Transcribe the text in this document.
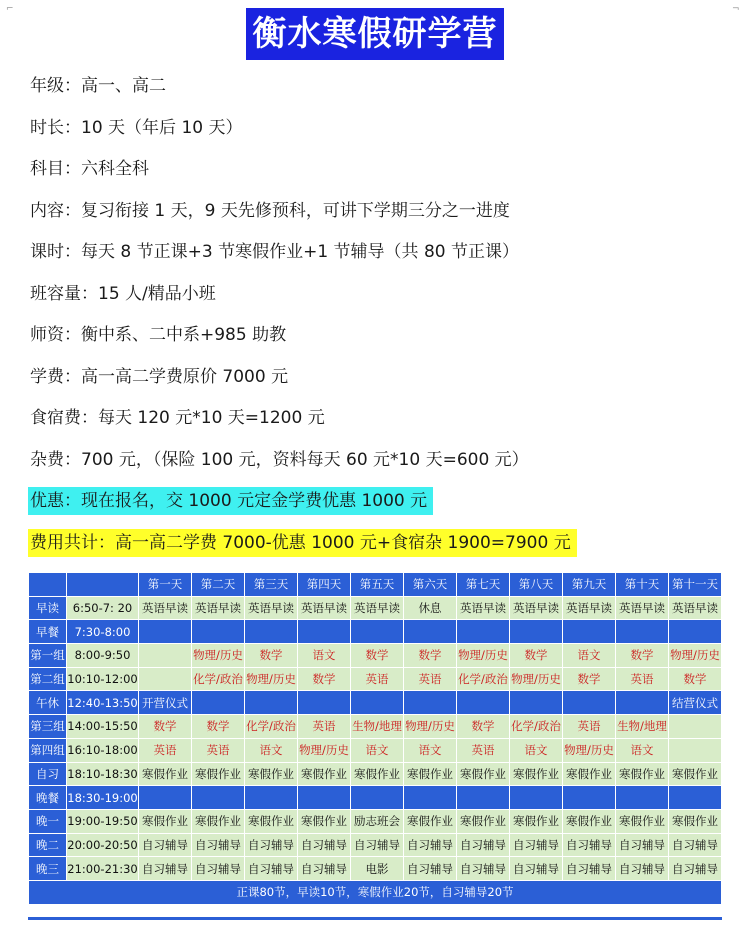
⌐	¬
衡水寒假研学营
年级：高一、高二
时长：10 天（年后 10 天）
科目：六科全科
内容：复习衔接 1 天，9 天先修预科，可讲下学期三分之一进度
课时：每天 8 节正课+3 节寒假作业+1 节辅导（共 80 节正课）
班容量：15 人/精品小班
师资：衡中系、二中系+985 助教
学费：高一高二学费原价 7000 元
食宿费：每天 120 元*10 天=1200 元
杂费：700 元，（保险 100 元，资料每天 60 元*10 天=600 元）
优惠：现在报名，交 1000 元定金学费优惠 1000 元
费用共计：高一高二学费 7000-优惠 1000 元+食宿杂 1900=7900 元
		第一天	第二天	第三天	第四天	第五天	第六天	第七天	第八天	第九天	第十天	第十一天
早读	6:50-7: 20	英语早读	英语早读	英语早读	英语早读	英语早读	休息	英语早读	英语早读	英语早读	英语早读	英语早读
早餐	7:30-8:00											
第一组	8:00-9:50		物理/历史	数学	语文	数学	数学	物理/历史	数学	语文	数学	物理/历史
第二组	10:10-12:00		化学/政治	物理/历史	数学	英语	英语	化学/政治	物理/历史	数学	英语	数学
午休	12:40-13:50	开营仪式										结营仪式
第三组	14:00-15:50	数学	数学	化学/政治	英语	生物/地理	物理/历史	数学	化学/政治	英语	生物/地理	
第四组	16:10-18:00	英语	英语	语文	物理/历史	语文	语文	英语	语文	物理/历史	语文	
自习	18:10-18:30	寒假作业	寒假作业	寒假作业	寒假作业	寒假作业	寒假作业	寒假作业	寒假作业	寒假作业	寒假作业	寒假作业
晚餐	18:30-19:00											
晚一	19:00-19:50	寒假作业	寒假作业	寒假作业	寒假作业	励志班会	寒假作业	寒假作业	寒假作业	寒假作业	寒假作业	寒假作业
晚二	20:00-20:50	自习辅导	自习辅导	自习辅导	自习辅导	自习辅导	自习辅导	自习辅导	自习辅导	自习辅导	自习辅导	自习辅导
晚三	21:00-21:30	自习辅导	自习辅导	自习辅导	自习辅导	电影	自习辅导	自习辅导	自习辅导	自习辅导	自习辅导	自习辅导
正课80节，早读10节，寒假作业20节，自习辅导20节												
